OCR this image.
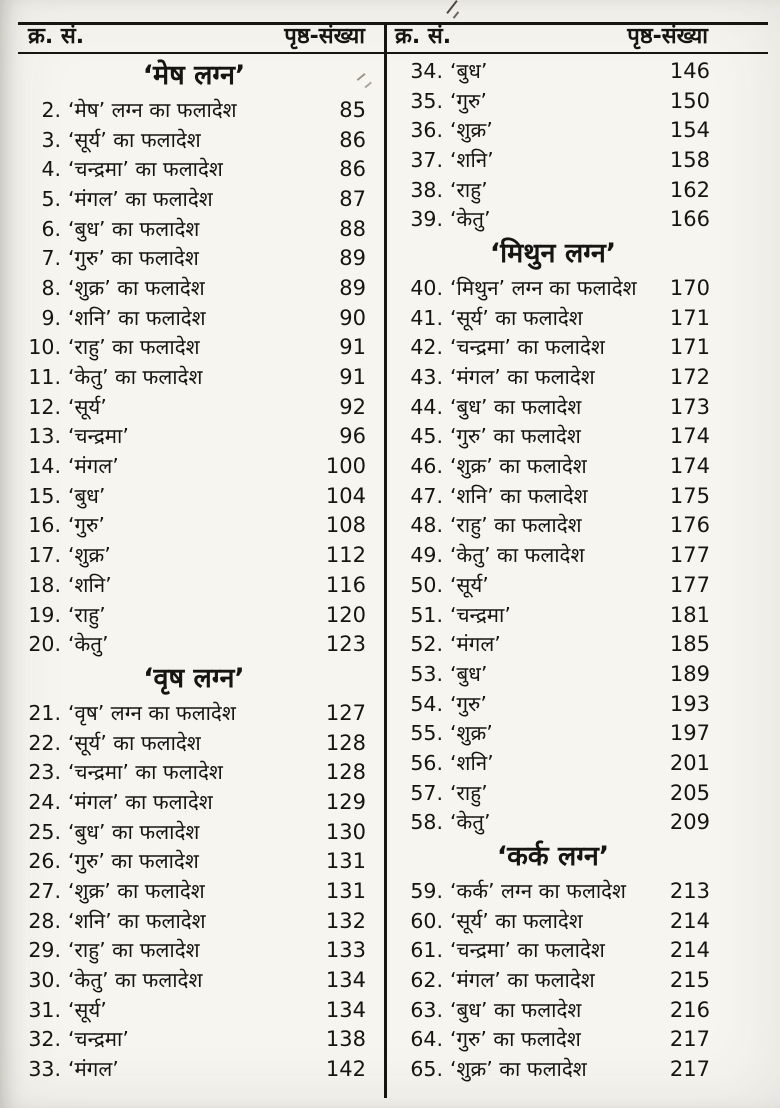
क्र. सं.	पृष्ठ-संख्या क्र. सं.	पृष्ठ-संख्या
‘मेष लग्न’
2. ‘मेष’ लग्न का फलादेश	85
3. ‘सूर्य’ का फलादेश	86
4. ‘चन्द्रमा’ का फलादेश	86
5. ‘मंगल’ का फलादेश	87
6. ‘बुध’ का फलादेश	88
7. ‘गुरु’ का फलादेश	89
8. ‘शुक्र’ का फलादेश	89
9. ‘शनि’ का फलादेश	90
10. ‘राहु’ का फलादेश	91
11. ‘केतु’ का फलादेश	91
12. ‘सूर्य’	92
13. ‘चन्द्रमा’	96
14. ‘मंगल’	100
15. ‘बुध’	104
16. ‘गुरु’	108
17. ‘शुक्र’	112
18. ‘शनि’	116
19. ‘राहु’	120
20. ‘केतु’	123
‘वृष लग्न’
21. ‘वृष’ लग्न का फलादेश	127
22. ‘सूर्य’ का फलादेश	128
23. ‘चन्द्रमा’ का फलादेश	128
24. ‘मंगल’ का फलादेश	129
25. ‘बुध’ का फलादेश	130
26. ‘गुरु’ का फलादेश	131
27. ‘शुक्र’ का फलादेश	131
28. ‘शनि’ का फलादेश	132
29. ‘राहु’ का फलादेश	133
30. ‘केतु’ का फलादेश	134
31. ‘सूर्य’	134
32. ‘चन्द्रमा’	138
33. ‘मंगल’	142
34. ‘बुध’	146
35. ‘गुरु’	150
36. ‘शुक्र’	154
37. ‘शनि’	158
38. ‘राहु’	162
39. ‘केतु’	166
‘मिथुन लग्न’
40. ‘मिथुन’ लग्न का फलादेश	170
41. ‘सूर्य’ का फलादेश	171
42. ‘चन्द्रमा’ का फलादेश	171
43. ‘मंगल’ का फलादेश	172
44. ‘बुध’ का फलादेश	173
45. ‘गुरु’ का फलादेश	174
46. ‘शुक्र’ का फलादेश	174
47. ‘शनि’ का फलादेश	175
48. ‘राहु’ का फलादेश	176
49. ‘केतु’ का फलादेश	177
50. ‘सूर्य’	177
51. ‘चन्द्रमा’	181
52. ‘मंगल’	185
53. ‘बुध’	189
54. ‘गुरु’	193
55. ‘शुक्र’	197
56. ‘शनि’	201
57. ‘राहु’	205
58. ‘केतु’	209
‘कर्क लग्न’
59. ‘कर्क’ लग्न का फलादेश	213
60. ‘सूर्य’ का फलादेश	214
61. ‘चन्द्रमा’ का फलादेश	214
62. ‘मंगल’ का फलादेश	215
63. ‘बुध’ का फलादेश	216
64. ‘गुरु’ का फलादेश	217
65. ‘शुक्र’ का फलादेश	217
